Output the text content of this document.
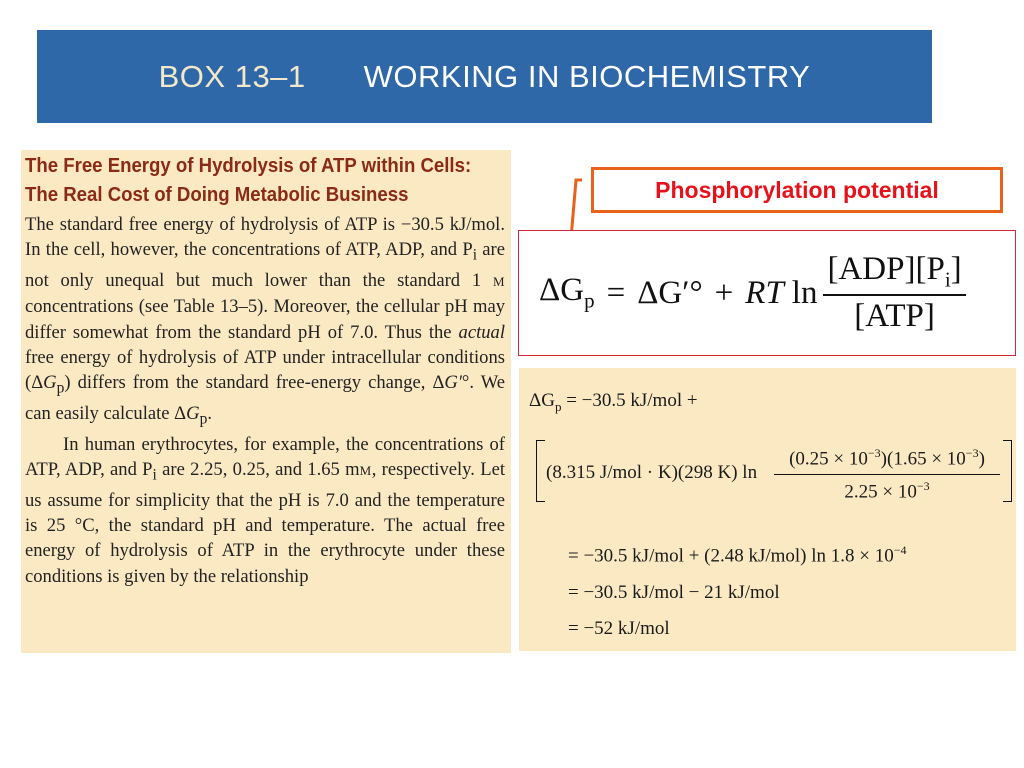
BOX 13–1 WORKING IN BIOCHEMISTRY
The Free Energy of Hydrolysis of ATP within Cells:
The Real Cost of Doing Metabolic Business

The standard free energy of hydrolysis of ATP is −30.5 kJ/mol. In the cell, however, the concentrations of ATP, ADP, and $P_i$ are not only unequal but much lower than the standard 1 M concentrations (see Table 13–5). Moreover, the cellular pH may differ somewhat from the standard pH of 7.0. Thus the actual free energy of hydrolysis of ATP under intracellular conditions $(\Delta G_p)$ differs from the standard free-energy change, ΔG′°. We can easily calculate $\Delta G_p$.

In human erythrocytes, for example, the concentrations of ATP, ADP, and $P_i$ are 2.25, 0.25, and 1.65 mM, respectively. Let us assume for simplicity that the pH is 7.0 and the temperature is 25 °C, the standard pH and temperature. The actual free energy of hydrolysis of ATP in the erythrocyte under these conditions is given by the relationship

Phosphorylation potential
$\Delta G_p = \Delta G'^\circ$ + RT $\ln \frac{[ADP][P_i]}{\text{[ATP]}}$
$\Delta G_p = -30.5$ kJ/mol +
(8.315 J/mol · K)(298 K) $\ln \frac{(0.25 \times 10^{-3})(1.65 \times 10^{-3})}{2.25 \times 10^{-3}}$
= −30.5 kJ/mol + (2.48 kJ/mol) $\ln 1.8 \times 10^{-4}$
= −30.5 kJ/mol − 21 kJ/mol
= −52 kJ/mol
